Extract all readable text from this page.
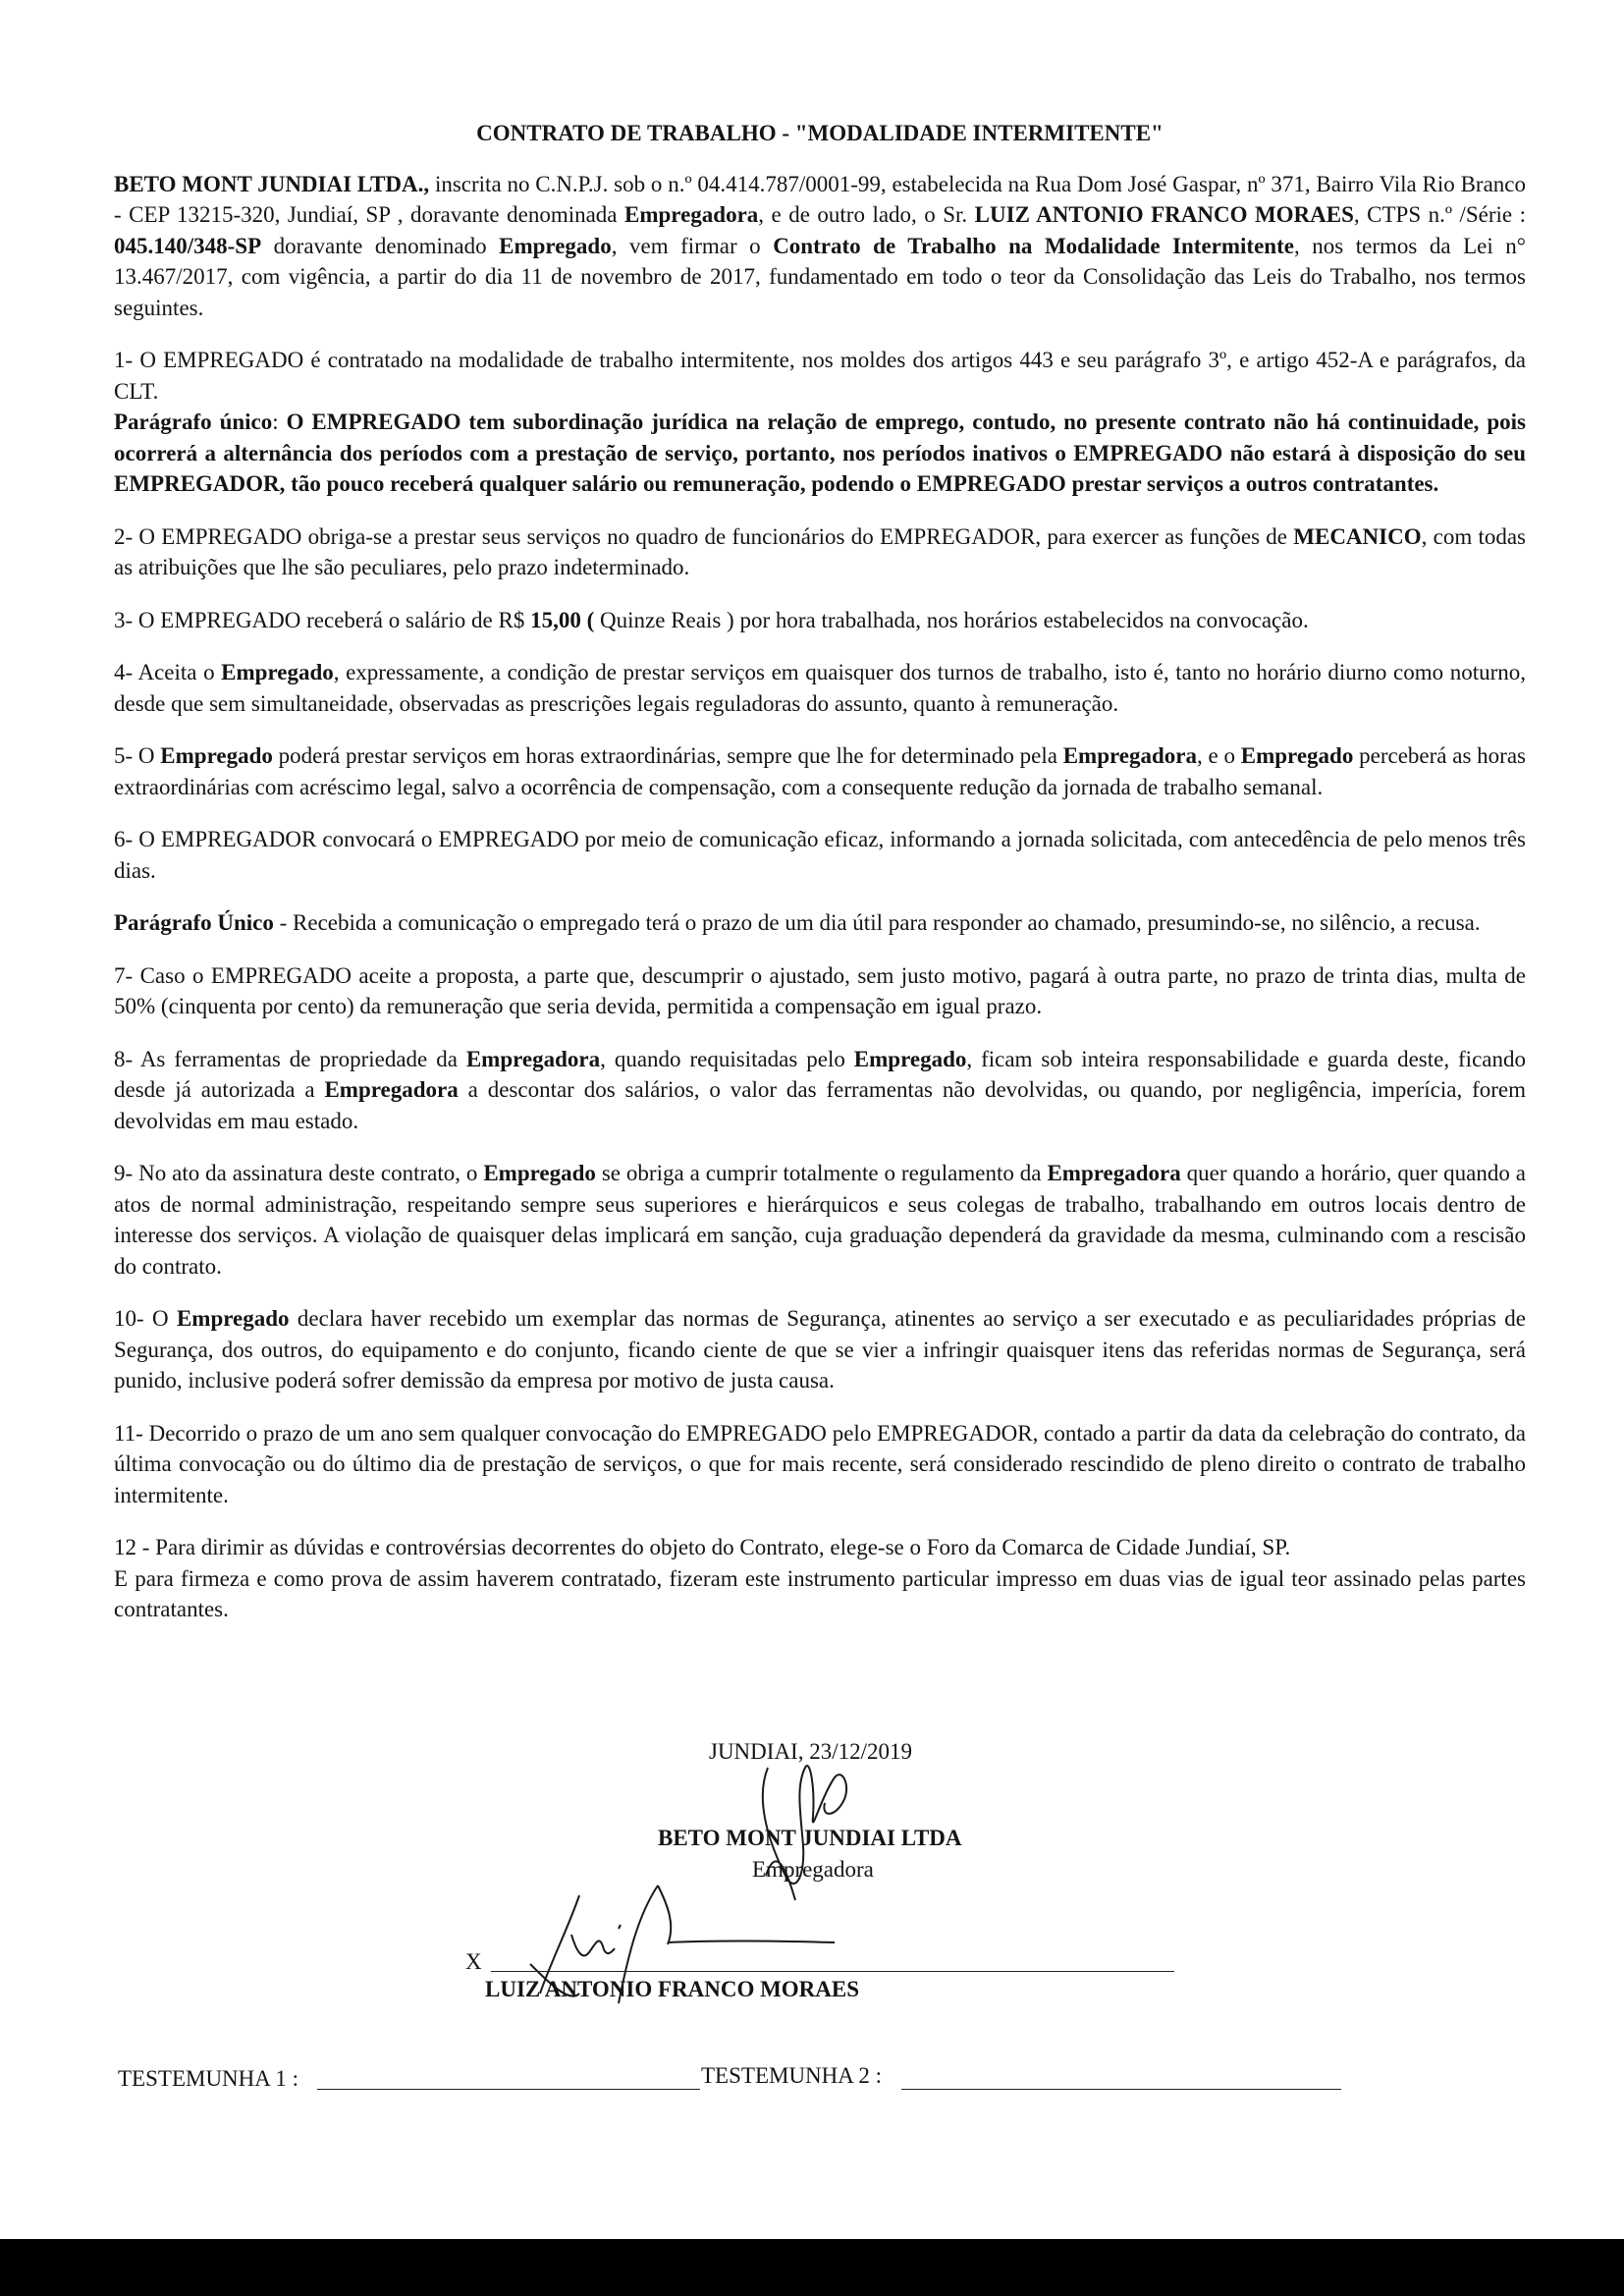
CONTRATO DE TRABALHO - "MODALIDADE INTERMITENTE"

BETO MONT JUNDIAI LTDA., inscrita no C.N.P.J. sob o n.º 04.414.787/0001-99, estabelecida na Rua Dom José Gaspar, nº 371, Bairro Vila Rio Branco - CEP 13215-320, Jundiaí, SP , doravante denominada Empregadora, e de outro lado, o Sr. LUIZ ANTONIO FRANCO MORAES, CTPS n.º /Série : 045.140/348-SP doravante denominado Empregado, vem firmar o Contrato de Trabalho na Modalidade Intermitente, nos termos da Lei n° 13.467/2017, com vigência, a partir do dia 11 de novembro de 2017, fundamentado em todo o teor da Consolidação das Leis do Trabalho, nos termos seguintes.

1- O EMPREGADO é contratado na modalidade de trabalho intermitente, nos moldes dos artigos 443 e seu parágrafo 3º, e artigo 452-A e parágrafos, da CLT.

Parágrafo único: O EMPREGADO tem subordinação jurídica na relação de emprego, contudo, no presente contrato não há continuidade, pois ocorrerá a alternância dos períodos com a prestação de serviço, portanto, nos períodos inativos o EMPREGADO não estará à disposição do seu EMPREGADOR, tão pouco receberá qualquer salário ou remuneração, podendo o EMPREGADO prestar serviços a outros contratantes.

2- O EMPREGADO obriga-se a prestar seus serviços no quadro de funcionários do EMPREGADOR, para exercer as funções de MECANICO, com todas as atribuições que lhe são peculiares, pelo prazo indeterminado.

3- O EMPREGADO receberá o salário de R$ 15,00 ( Quinze Reais ) por hora trabalhada, nos horários estabelecidos na convocação.

4- Aceita o Empregado, expressamente, a condição de prestar serviços em quaisquer dos turnos de trabalho, isto é, tanto no horário diurno como noturno, desde que sem simultaneidade, observadas as prescrições legais reguladoras do assunto, quanto à remuneração.

5- O Empregado poderá prestar serviços em horas extraordinárias, sempre que lhe for determinado pela Empregadora, e o Empregado perceberá as horas extraordinárias com acréscimo legal, salvo a ocorrência de compensação, com a consequente redução da jornada de trabalho semanal.

6- O EMPREGADOR convocará o EMPREGADO por meio de comunicação eficaz, informando a jornada solicitada, com antecedência de pelo menos três dias.

Parágrafo Único - Recebida a comunicação o empregado terá o prazo de um dia útil para responder ao chamado, presumindo-se, no silêncio, a recusa.

7- Caso o EMPREGADO aceite a proposta, a parte que, descumprir o ajustado, sem justo motivo, pagará à outra parte, no prazo de trinta dias, multa de 50% (cinquenta por cento) da remuneração que seria devida, permitida a compensação em igual prazo.

8- As ferramentas de propriedade da Empregadora, quando requisitadas pelo Empregado, ficam sob inteira responsabilidade e guarda deste, ficando desde já autorizada a Empregadora a descontar dos salários, o valor das ferramentas não devolvidas, ou quando, por negligência, imperícia, forem devolvidas em mau estado.

9- No ato da assinatura deste contrato, o Empregado se obriga a cumprir totalmente o regulamento da Empregadora quer quando a horário, quer quando a atos de normal administração, respeitando sempre seus superiores e hierárquicos e seus colegas de trabalho, trabalhando em outros locais dentro de interesse dos serviços. A violação de quaisquer delas implicará em sanção, cuja graduação dependerá da gravidade da mesma, culminando com a rescisão do contrato.

10- O Empregado declara haver recebido um exemplar das normas de Segurança, atinentes ao serviço a ser executado e as peculiaridades próprias de Segurança, dos outros, do equipamento e do conjunto, ficando ciente de que se vier a infringir quaisquer itens das referidas normas de Segurança, será punido, inclusive poderá sofrer demissão da empresa por motivo de justa causa.

11- Decorrido o prazo de um ano sem qualquer convocação do EMPREGADO pelo EMPREGADOR, contado a partir da data da celebração do contrato, da última convocação ou do último dia de prestação de serviços, o que for mais recente, será considerado rescindido de pleno direito o contrato de trabalho intermitente.

12 - Para dirimir as dúvidas e controvérsias decorrentes do objeto do Contrato, elege-se o Foro da Comarca de Cidade Jundiaí, SP.

E para firmeza e como prova de assim haverem contratado, fizeram este instrumento particular impresso em duas vias de igual teor assinado pelas partes contratantes.

JUNDIAI, 23/12/2019
BETO MONT JUNDIAI LTDA
Empregadora
X
LUIZ ANTONIO FRANCO MORAES
TESTEMUNHA 1 :	TESTEMUNHA 2 :
